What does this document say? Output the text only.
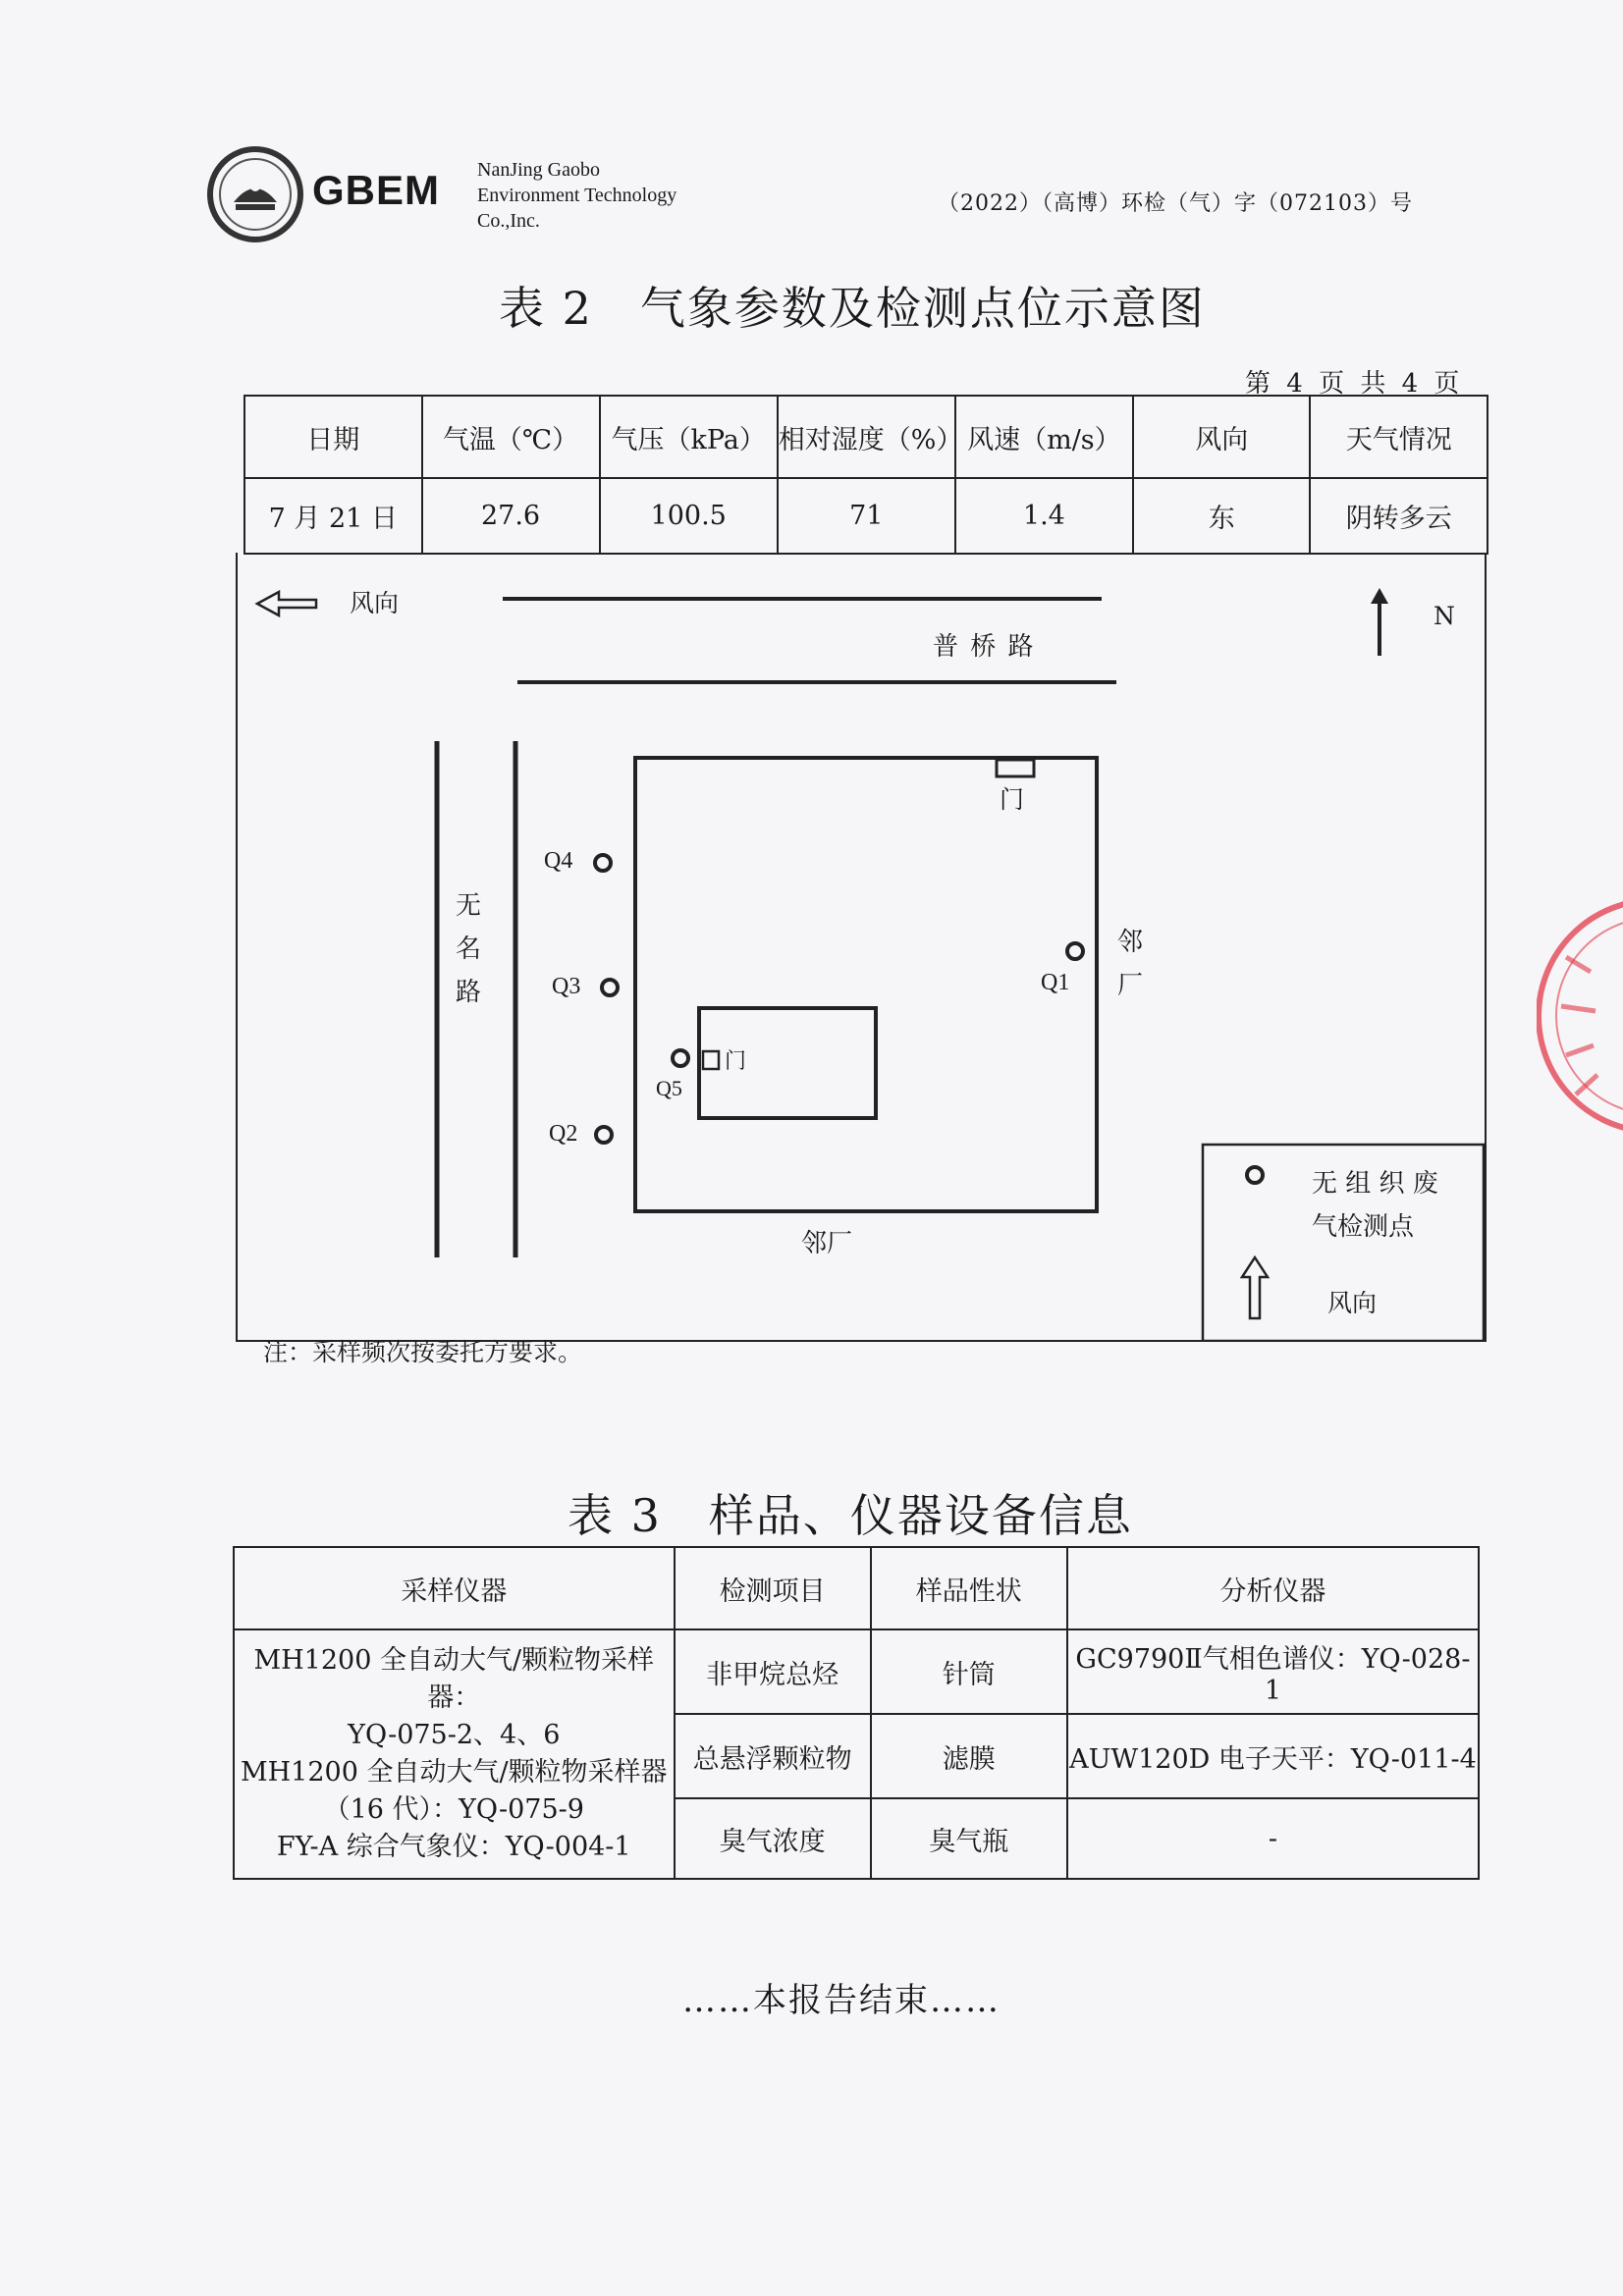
GBEM NanJing Gaobo
Environment Technology
Co.,Inc.
（2022）（高博）环检（气）字（072103）号
表 2　气象参数及检测点位示意图
第 4 页 共 4 页
日期	气温（℃）	气压（kPa）	相对湿度（%）	风速（m/s）	风向	天气情况
7 月 21 日	27.6	100.5	71	1.4	东	阴转多云
风向
普 桥 路
N
无
名
路
门
门
邻
厂
邻厂
Q1
Q2
Q3
Q4
Q5
无 组 织 废
气检测点
风向
注：采样频次按委托方要求。
表 3　样品、仪器设备信息
采样仪器	检测项目	样品性状	分析仪器

MH1200 全自动大气/颗粒物采样器：
YQ-075-2、4、6
MH1200 全自动大气/颗粒物采样器
（16 代）：YQ-075-9
FY-A 综合气象仪：YQ-004-1	非甲烷总烃	针筒	GC9790Ⅱ气相色谱仪：YQ-028-1
	总悬浮颗粒物	滤膜	AUW120D 电子天平：YQ-011-4
	臭气浓度	臭气瓶	-
……本报告结束……
